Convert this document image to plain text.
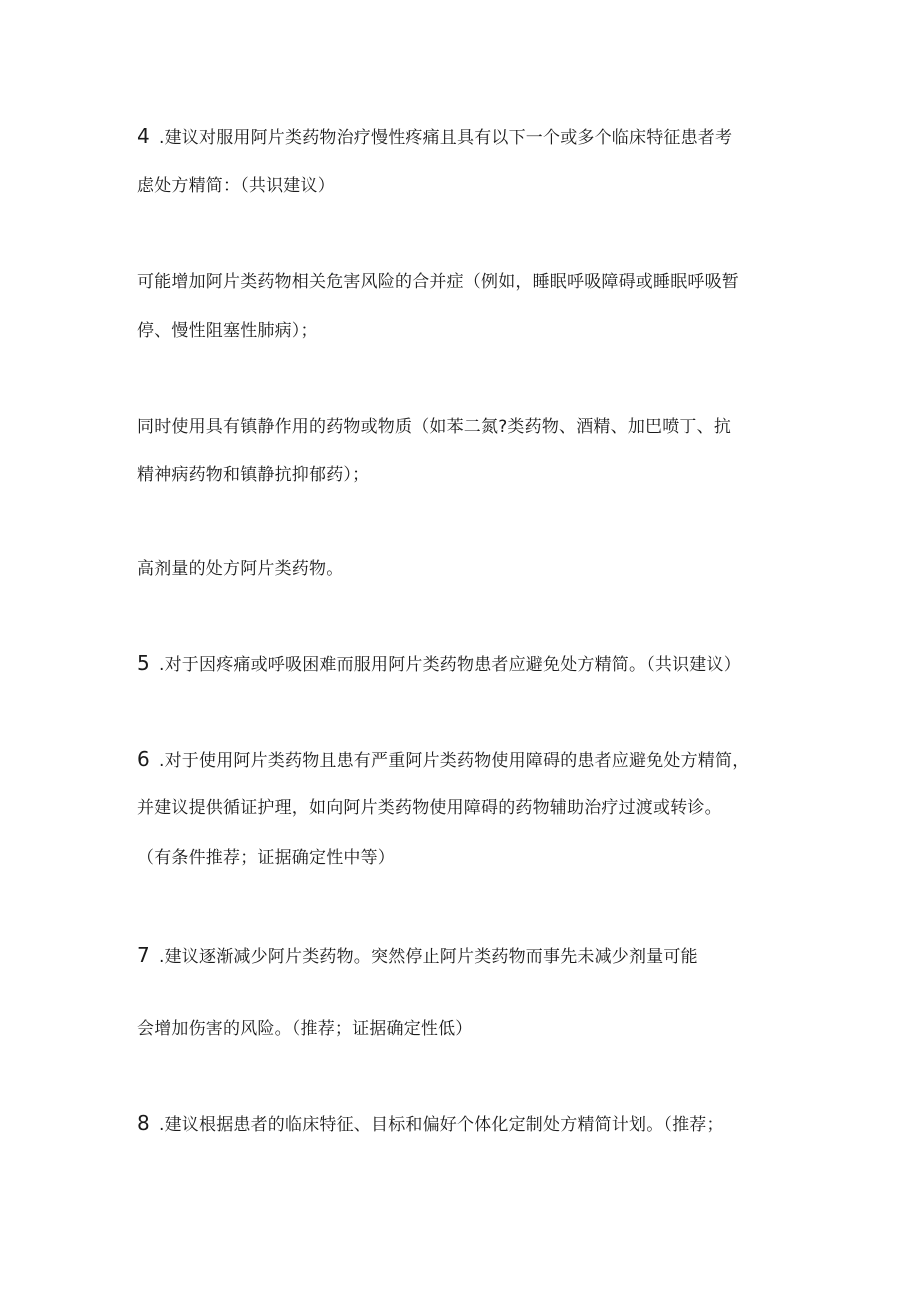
4 .建议对服用阿片类药物治疗慢性疼痛且具有以下一个或多个临床特征患者考
虑处方精简：（共识建议）
可能增加阿片类药物相关危害风险的合并症（例如，睡眠呼吸障碍或睡眠呼吸暂
停、慢性阻塞性肺病）；
同时使用具有镇静作用的药物或物质（如苯二氮?类药物、酒精、加巴喷丁、抗
精神病药物和镇静抗抑郁药）；
高剂量的处方阿片类药物。
5 .对于因疼痛或呼吸困难而服用阿片类药物患者应避免处方精简。（共识建议）
6 .对于使用阿片类药物且患有严重阿片类药物使用障碍的患者应避免处方精简，
并建议提供循证护理，如向阿片类药物使用障碍的药物辅助治疗过渡或转诊。
（有条件推荐；证据确定性中等）
7 .建议逐渐减少阿片类药物。突然停止阿片类药物而事先未减少剂量可能
会增加伤害的风险。（推荐；证据确定性低）
8 .建议根据患者的临床特征、目标和偏好个体化定制处方精简计划。（推荐；
